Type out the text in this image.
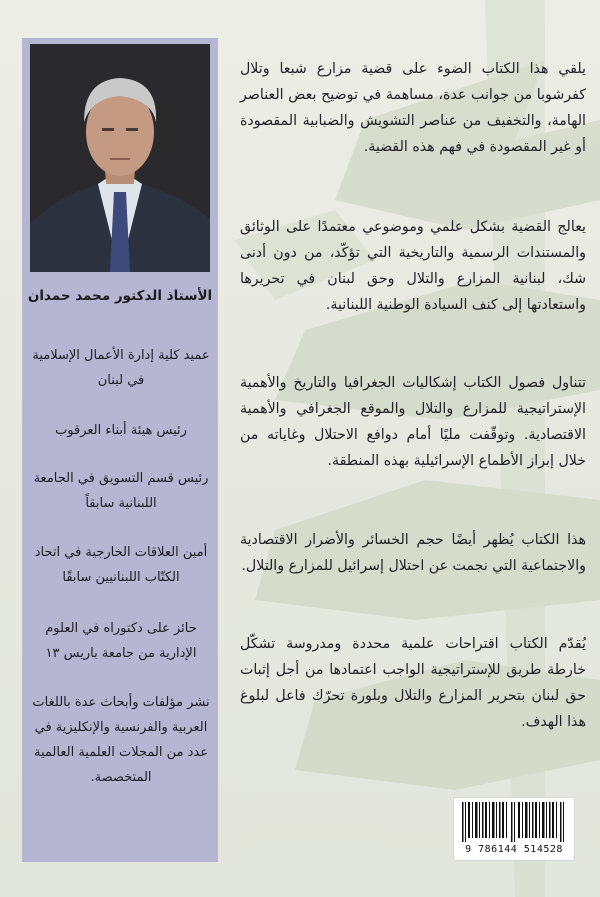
الأستاذ الدكتور محمد حمدان

عميد كلية إدارة الأعمال الإسلامية في لبنان

رئيس هيئة أبناء العرقوب

رئيس قسم التسويق في الجامعة اللبنانية سابقاً

أمين العلاقات الخارجية في اتحاد الكتّاب اللبنانيين سابقًا

حائز على دكتوراه في العلوم الإدارية من جامعة باريس ١٣

نشر مؤلفات وأبحاث عدة باللغات العربية والفرنسية والإنكليزية في عدد من المجلات العلمية العالمية المتخصصة.

يلقي هذا الكتاب الضوء على قضية مزارع شبعا وتلال كفرشوبا من جوانب عدة، مساهمة في توضيح بعض العناصر الهامة، والتخفيف من عناصر التشويش والضبابية المقصودة أو غير المقصودة في فهم هذه القضية.

يعالج القضية بشكل علمي وموضوعي معتمدًا على الوثائق والمستندات الرسمية والتاريخية التي تؤكّد، من دون أدنى شك، لبنانية المزارع والتلال وحق لبنان في تحريرها واستعادتها إلى كنف السيادة الوطنية اللبنانية.

تتناول فصول الكتاب إشكاليات الجغرافيا والتاريخ والأهمية الإستراتيجية للمزارع والتلال والموقع الجغرافي والأهمية الاقتصادية. وتوقّفت مليًا أمام دوافع الاحتلال وغاياته من خلال إبراز الأطماع الإسرائيلية بهذه المنطقة.

هذا الكتاب يُظهر أيضًا حجم الخسائر والأضرار الاقتصادية والاجتماعية التي نجمت عن احتلال إسرائيل للمزارع والتلال.

يُقدّم الكتاب اقتراحات علمية محددة ومدروسة تشكّل خارطة طريق للإستراتيجية الواجب اعتمادها من أجل إثبات حق لبنان بتحرير المزارع والتلال وبلورة تحرّك فاعل لبلوغ هذا الهدف.

9 786144 514528
